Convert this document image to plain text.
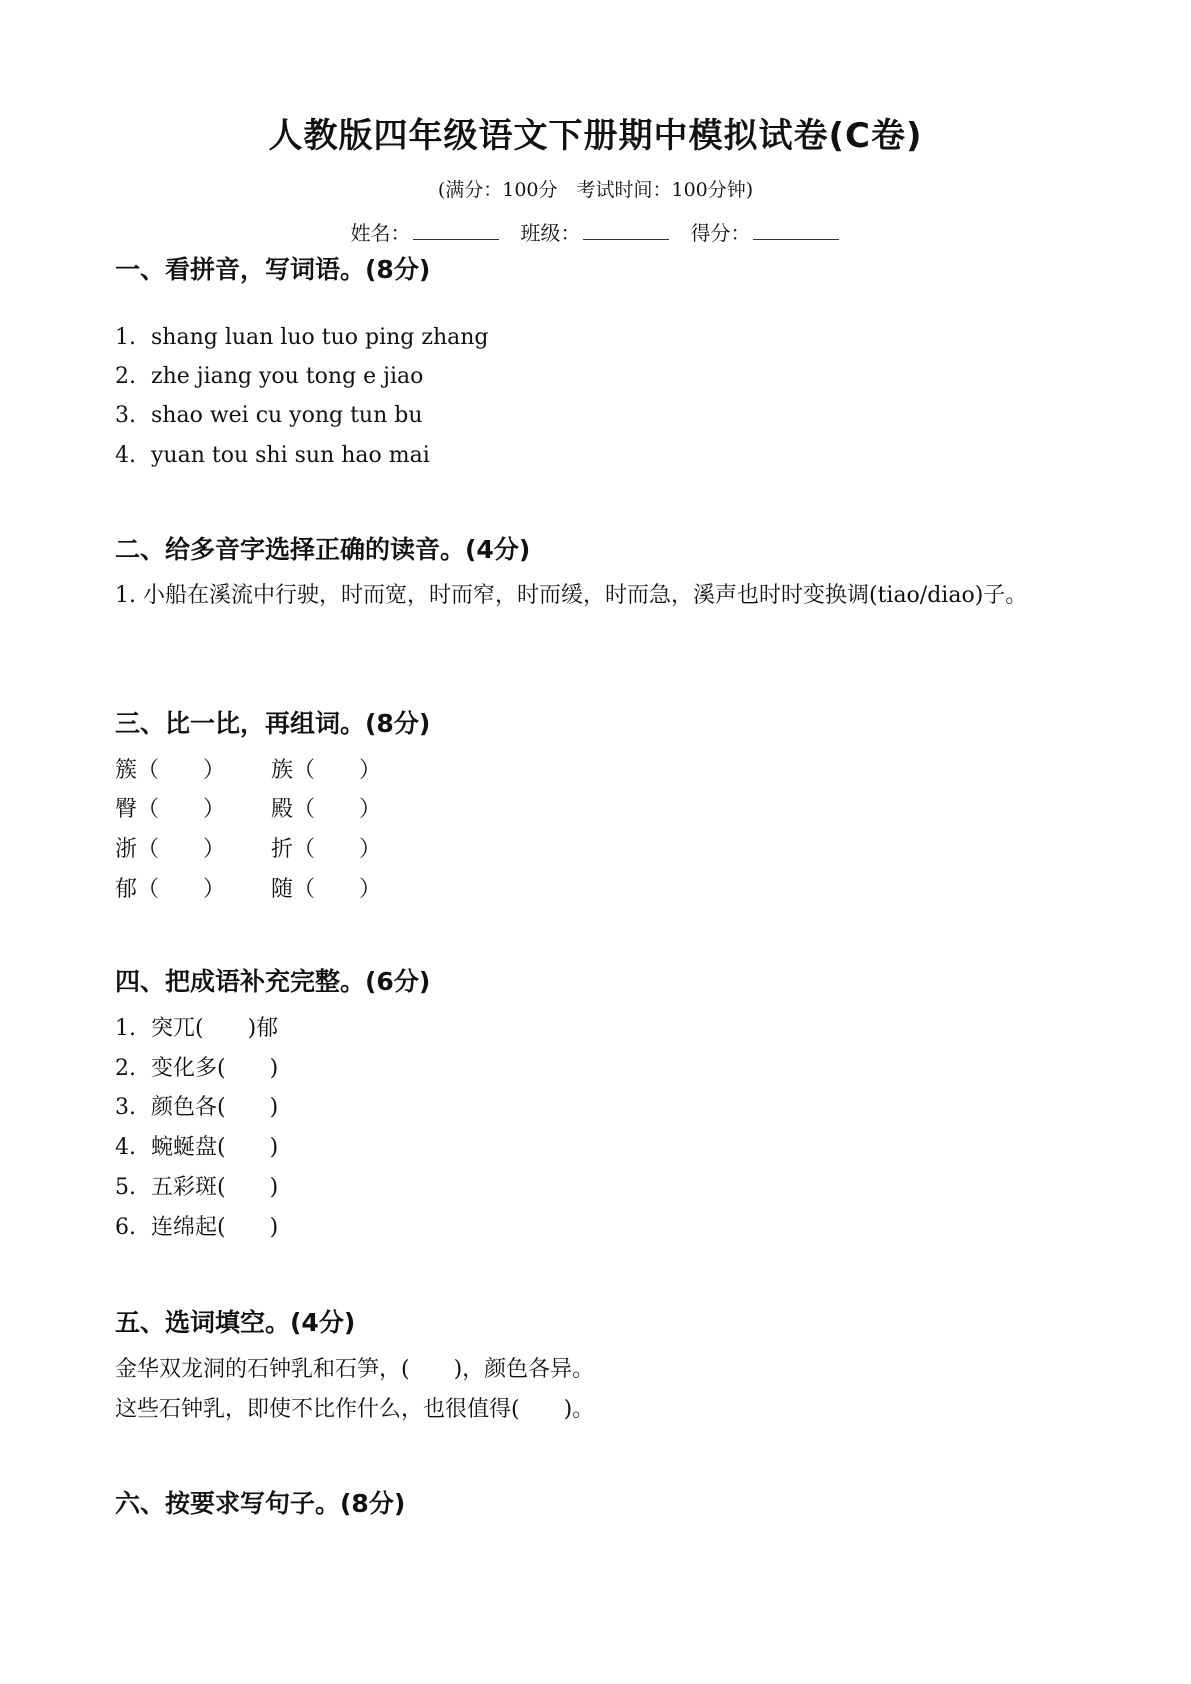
人教版四年级语文下册期中模拟试卷(C卷)
(满分：100分　考试时间：100分钟)
姓名：	班级：	得分：
一、看拼音，写词语。(8分)
1. shang luan luo tuo ping zhang
2. zhe jiang you tong e jiao
3. shao wei cu yong tun bu
4. yuan tou shi sun hao mai
二、给多音字选择正确的读音。(4分)
1. 小船在溪流中行驶，时而宽，时而窄，时而缓，时而急，溪声也时时变换调(tiao/diao)子。
三、比一比，再组词。(8分)
簇（　　） 族（　　）
臀（　　） 殿（　　）
浙（　　） 折（　　）
郁（　　） 随（　　）
四、把成语补充完整。(6分)
1. 突兀(　　)郁
2. 变化多(　　)
3. 颜色各(　　)
4. 蜿蜒盘(　　)
5. 五彩斑(　　)
6. 连绵起(　　)
五、选词填空。(4分)
金华双龙洞的石钟乳和石笋，(　　)，颜色各异。
这些石钟乳，即使不比作什么，也很值得(　　)。
六、按要求写句子。(8分)
